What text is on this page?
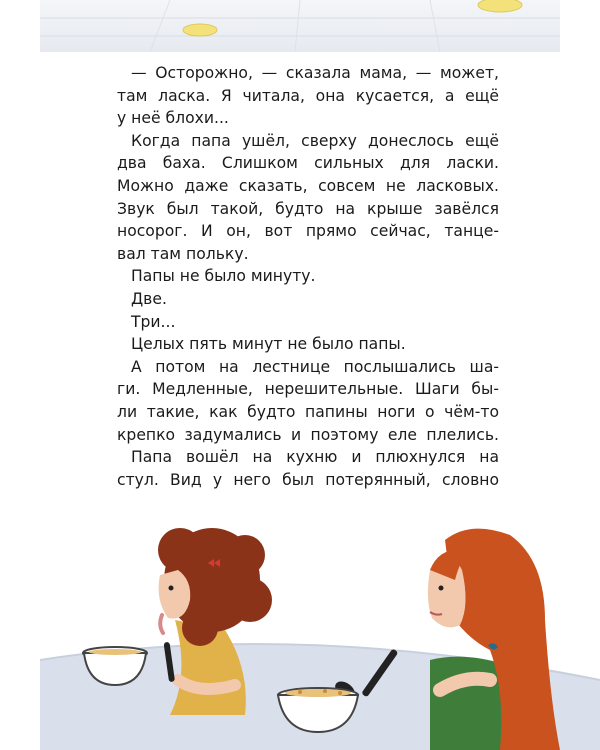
— Осторожно, — сказала мама, — может,
там ласка. Я читала, она кусается, а ещё
у неё блохи...
Когда папа ушёл, сверху донеслось ещё
два баха. Слишком сильных для ласки.
Можно даже сказать, совсем не ласковых.
Звук был такой, будто на крыше завёлся
носорог. И он, вот прямо сейчас, танце-
вал там польку.
Папы не было минуту.
Две.
Три...
Целых пять минут не было папы.
А потом на лестнице послышались ша-
ги. Медленные, нерешительные. Шаги бы-
ли такие, как будто папины ноги о чём-то
крепко задумались и поэтому еле плелись.
Папа вошёл на кухню и плюхнулся на
стул. Вид у него был потерянный, словно
